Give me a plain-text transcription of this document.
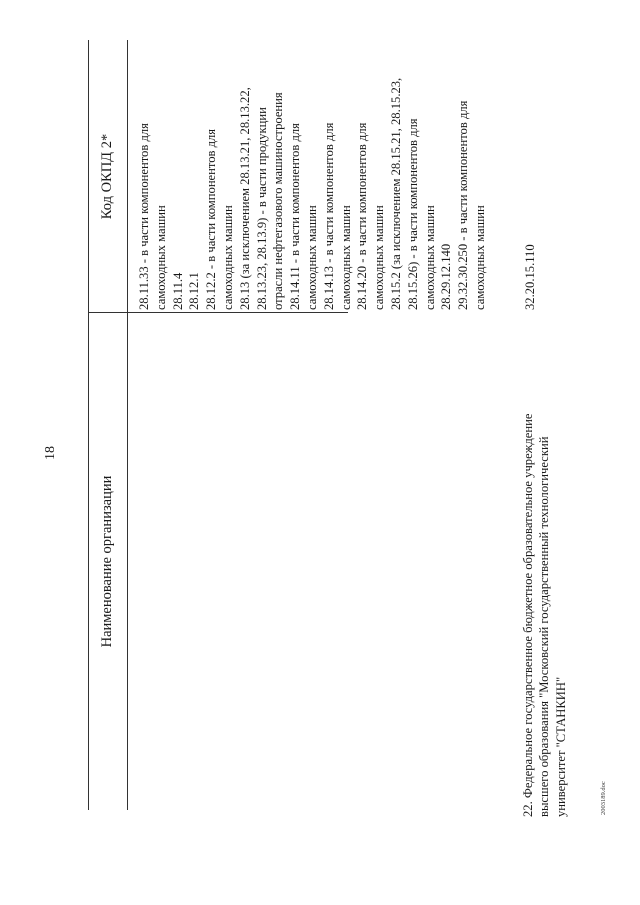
18
Наименование организации
Код ОКПД 2* 28.11.33 - в части компонентов для самоходных машин 28.11.4 28.12.1 28.12.2 - в части компонентов для самоходных машин 28.13 (за исключением 28.13.21, 28.13.22, 28.13.23, 28.13.9) - в части продукции отрасли нефтегазового машиностроения 28.14.11 - в части компонентов для самоходных машин 28.14.13 - в части компонентов для самоходных машин 28.14.20 - в части компонентов для самоходных машин 28.15.2 (за исключением 28.15.21, 28.15.23, 28.15.26) - в части компонентов для самоходных машин 28.29.12.140 29.32.30.250 - в части компонентов для самоходных машин
22. Федеральное государственное бюджетное образовательное учреждение высшего образования "Московский государственный технологический университет "СТАНКИН"
32.20.15.110
2003189.doc
